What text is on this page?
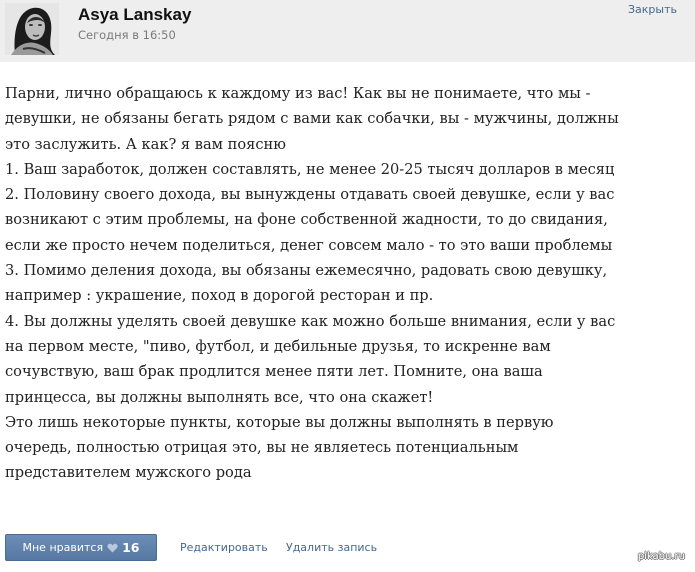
Asya Lanskay
Сегодня в 16:50
Закрыть
Парни, лично обращаюсь к каждому из вас! Как вы не понимаете, что мы -
девушки, не обязаны бегать рядом с вами как собачки, вы - мужчины, должны
это заслужить. А как? я вам поясню
1. Ваш заработок, должен составлять, не менее 20-25 тысяч долларов в месяц
2. Половину своего дохода, вы вынуждены отдавать своей девушке, если у вас
возникают с этим проблемы, на фоне собственной жадности, то до свидания,
если же просто нечем поделиться, денег совсем мало - то это ваши проблемы
3. Помимо деления дохода, вы обязаны ежемесячно, радовать свою девушку,
например : украшение, поход в дорогой ресторан и пр.
4. Вы должны уделять своей девушке как можно больше внимания, если у вас
на первом месте, "пиво, футбол, и дебильные друзья, то искренне вам
сочувствую, ваш брак продлится менее пяти лет. Помните, она ваша
принцесса, вы должны выполнять все, что она скажет!
Это лишь некоторые пункты, которые вы должны выполнять в первую
очередь, полностью отрицая это, вы не являетесь потенциальным
представителем мужского рода
Мне нравится 16	Редактировать Удалить запись
pikabu.ru
